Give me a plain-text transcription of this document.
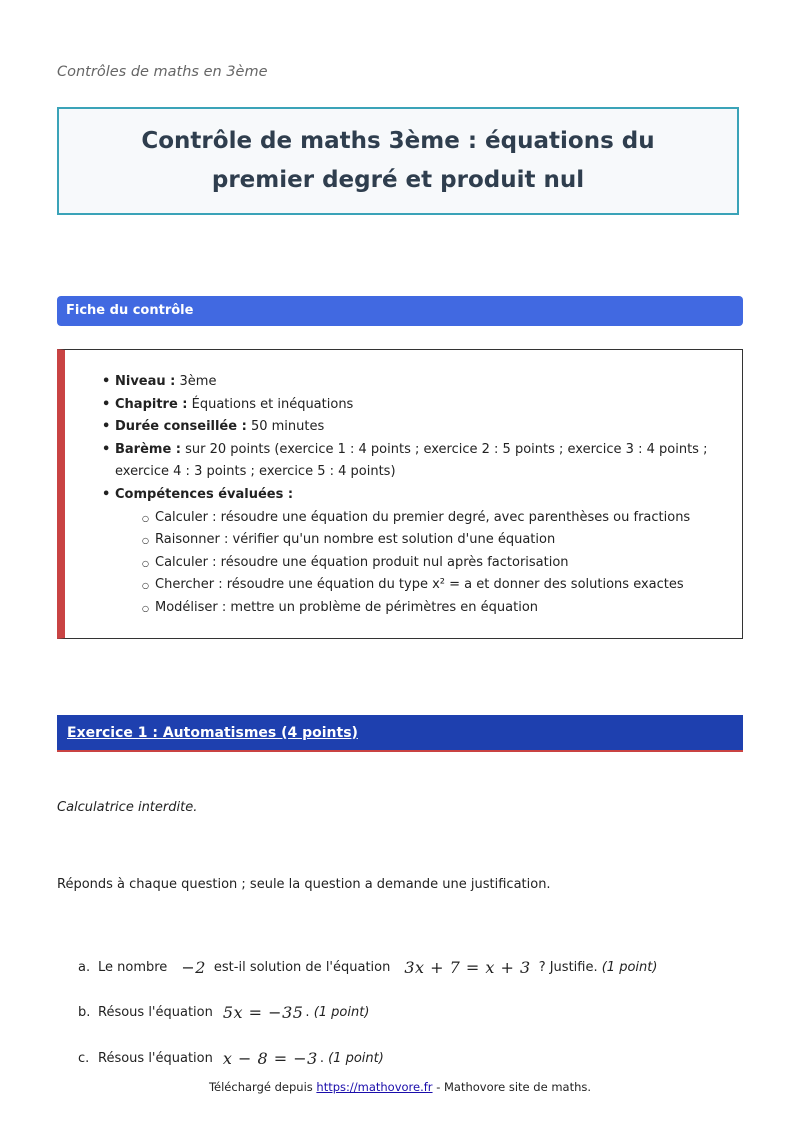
Contrôles de maths en 3ème
Contrôle de maths 3ème : équations du premier degré et produit nul
Fiche du contrôle
• Niveau : 3ème
• Chapitre : Équations et inéquations
• Durée conseillée : 50 minutes
• Barème : sur 20 points (exercice 1 : 4 points ; exercice 2 : 5 points ; exercice 3 : 4 points ; exercice 4 : 3 points ; exercice 5 : 4 points)
• Compétences évaluées :
○ Calculer : résoudre une équation du premier degré, avec parenthèses ou fractions
○ Raisonner : vérifier qu'un nombre est solution d'une équation
○ Calculer : résoudre une équation produit nul après factorisation
○ Chercher : résoudre une équation du type x² = a et donner des solutions exactes
○ Modéliser : mettre un problème de périmètres en équation
Exercice 1 : Automatismes (4 points)
Calculatrice interdite.
Réponds à chaque question ; seule la question a demande une justification.
a. Le nombre −2 est-il solution de l'équation 3x + 7 = x + 3 ? Justifie.
(1 point)
b. Résous l'équation 5x = −35 .
(1 point)
c. Résous l'équation x − 8 = −3 .
(1 point)
Téléchargé depuis https://mathovore.fr - Mathovore site de maths.
